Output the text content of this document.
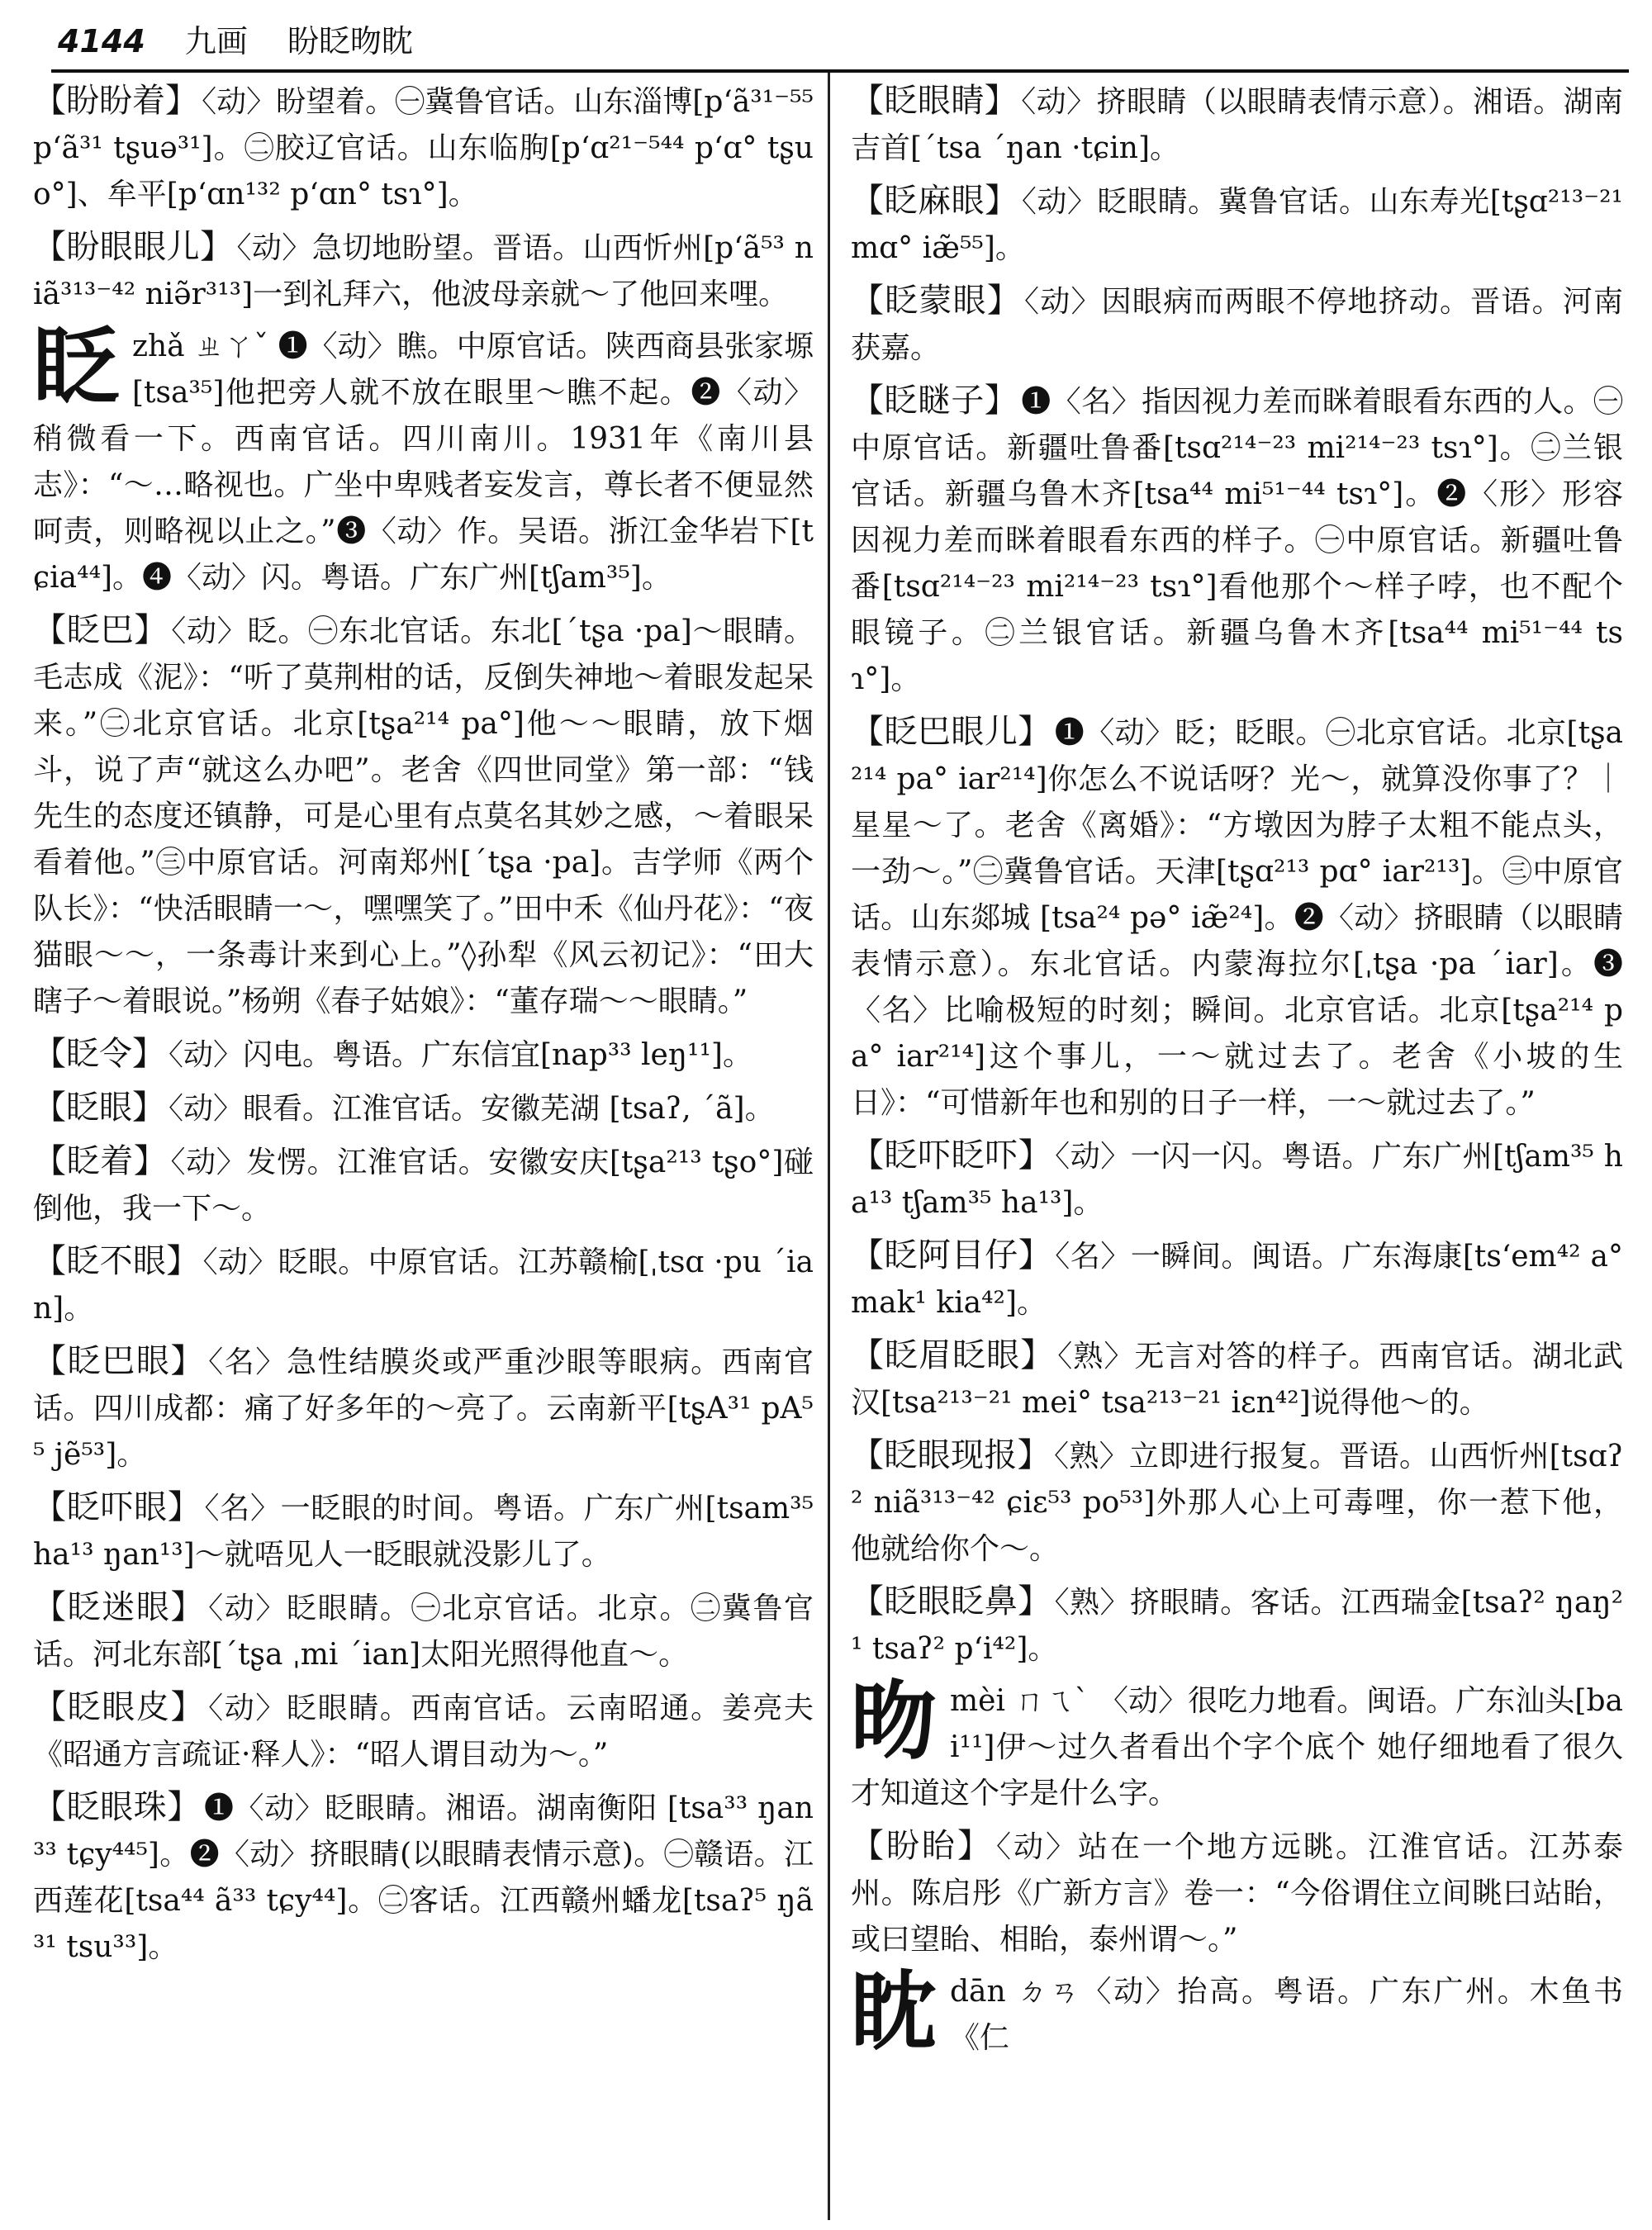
4144 九画 盼眨昒眈
【盼盼着】 〈动〉盼望着。㊀冀鲁官话。山东淄博[pʻã³¹⁻⁵⁵ pʻã³¹ tʂuə³¹]。㊁胶辽官话。山东临朐[pʻɑ²¹⁻⁵⁴⁴ pʻɑ° tʂuo°]、牟平[pʻɑn¹³² pʻɑn° tsɿ°]。
【盼眼眼儿】 〈动〉急切地盼望。晋语。山西忻州[pʻã⁵³ niã³¹³⁻⁴² niə̃r³¹³]一到礼拜六，他波母亲就～了他回来哩。
眨zhǎ ㄓㄚˇ ❶〈动〉瞧。中原官话。陕西商县张家塬[tsa³⁵]他把旁人就不放在眼里～瞧不起。❷〈动〉稍微看一下。西南官话。四川南川。1931年《南川县志》：“～…略视也。广坐中卑贱者妄发言，尊长者不便显然呵责，则略视以止之。”❸〈动〉作。吴语。浙江金华岩下[tɕia⁴⁴]。❹〈动〉闪。粤语。广东广州[tʃam³⁵]。
【眨巴】 〈动〉眨。㊀东北官话。东北[ˊtʂa ·pa]～眼睛。毛志成《泥》：“听了莫荆柑的话，反倒失神地～着眼发起呆来。”㊁北京官话。北京[tʂa²¹⁴ pa°]他～～眼睛，放下烟斗，说了声“就这么办吧”。老舍《四世同堂》第一部：“钱先生的态度还镇静，可是心里有点莫名其妙之感，～着眼呆看着他。”㊂中原官话。河南郑州[ˊtʂa ·pa]。吉学师《两个队长》：“快活眼睛一～，嘿嘿笑了。”田中禾《仙丹花》：“夜猫眼～～，一条毒计来到心上。”◊孙犁《风云初记》：“田大瞎子～着眼说。”杨朔《春子姑娘》：“董存瑞～～眼睛。”
【眨令】 〈动〉闪电。粤语。广东信宜[nap³³ leŋ¹¹]。
【眨眼】 〈动〉眼看。江淮官话。安徽芜湖 [tsaʔ, ˊã]。
【眨着】 〈动〉发愣。江淮官话。安徽安庆[tʂa²¹³ tʂo°]碰倒他，我一下～。
【眨不眼】 〈动〉眨眼。中原官话。江苏赣榆[ˌtsɑ ·pu ˊian]。
【眨巴眼】 〈名〉急性结膜炎或严重沙眼等眼病。西南官话。四川成都：痛了好多年的～亮了。云南新平[tʂA³¹ pA⁵⁵ jẽ⁵³]。
【眨吓眼】 〈名〉一眨眼的时间。粤语。广东广州[tsam³⁵ ha¹³ ŋan¹³]～就唔见人一眨眼就没影儿了。
【眨迷眼】 〈动〉眨眼睛。㊀北京官话。北京。㊁冀鲁官话。河北东部[ˊtʂa ˌmi ˊian]太阳光照得他直～。
【眨眼皮】 〈动〉眨眼睛。西南官话。云南昭通。姜亮夫《昭通方言疏证·释人》：“昭人谓目动为～。”
【眨眼珠】 ❶〈动〉眨眼睛。湘语。湖南衡阳 [tsa³³ ŋan³³ tɕy⁴⁴⁵]。❷〈动〉挤眼睛(以眼睛表情示意)。㊀赣语。江西莲花[tsa⁴⁴ ã³³ tɕy⁴⁴]。㊁客话。江西赣州蟠龙[tsaʔ⁵ ŋã³¹ tsu³³]。
【眨眼睛】 〈动〉挤眼睛（以眼睛表情示意）。湘语。湖南吉首[ˊtsa ˊŋan ·tɕin]。
【眨麻眼】 〈动〉眨眼睛。冀鲁官话。山东寿光[tʂɑ²¹³⁻²¹ mɑ° iæ̃⁵⁵]。
【眨蒙眼】 〈动〉因眼病而两眼不停地挤动。晋语。河南获嘉。
【眨瞇子】 ❶〈名〉指因视力差而眯着眼看东西的人。㊀中原官话。新疆吐鲁番[tsɑ²¹⁴⁻²³ mi²¹⁴⁻²³ tsɿ°]。㊁兰银官话。新疆乌鲁木齐[tsa⁴⁴ mi⁵¹⁻⁴⁴ tsɿ°]。❷〈形〉形容因视力差而眯着眼看东西的样子。㊀中原官话。新疆吐鲁番[tsɑ²¹⁴⁻²³ mi²¹⁴⁻²³ tsɿ°]看他那个～样子哱，也不配个眼镜子。㊁兰银官话。新疆乌鲁木齐[tsa⁴⁴ mi⁵¹⁻⁴⁴ tsɿ°]。
【眨巴眼儿】 ❶〈动〉眨；眨眼。㊀北京官话。北京[tʂa²¹⁴ pa° iar²¹⁴]你怎么不说话呀？光～，就算没你事了？｜星星～了。老舍《离婚》：“方墩因为脖子太粗不能点头，一劲～。”㊁冀鲁官话。天津[tʂɑ²¹³ pɑ° iar²¹³]。㊂中原官话。山东郯城 [tsa²⁴ pə° iæ̃²⁴]。❷〈动〉挤眼睛（以眼睛表情示意）。东北官话。内蒙海拉尔[ˌtʂa ·pa ˊiar]。❸〈名〉比喻极短的时刻；瞬间。北京官话。北京[tʂa²¹⁴ pa° iar²¹⁴]这个事儿，一～就过去了。老舍《小坡的生日》：“可惜新年也和别的日子一样，一～就过去了。”
【眨吓眨吓】 〈动〉一闪一闪。粤语。广东广州[tʃam³⁵ ha¹³ tʃam³⁵ ha¹³]。
【眨阿目仔】 〈名〉一瞬间。闽语。广东海康[tsʻem⁴² a° mak¹ kia⁴²]。
【眨眉眨眼】 〈熟〉无言对答的样子。西南官话。湖北武汉[tsa²¹³⁻²¹ mei° tsa²¹³⁻²¹ iɛn⁴²]说得他～的。
【眨眼现报】 〈熟〉立即进行报复。晋语。山西忻州[tsɑʔ² niã³¹³⁻⁴² ɕiɛ⁵³ po⁵³]外那人心上可毒哩，你一惹下他，他就给你个～。
【眨眼眨鼻】 〈熟〉挤眼睛。客话。江西瑞金[tsaʔ² ŋaŋ²¹ tsaʔ² pʻi⁴²]。
昒mèi ㄇㄟˋ 〈动〉很吃力地看。闽语。广东汕头[bai¹¹]伊～过久者看出个字个底个 她仔细地看了很久才知道这个字是什么字。
【盼眙】 〈动〉站在一个地方远眺。江淮官话。江苏泰州。陈启彤《广新方言》卷一：“今俗谓住立间眺曰站眙，或曰望眙、相眙，泰州谓～。”
眈dān ㄉㄢ〈动〉抬高。粤语。广东广州。木鱼书《仁
